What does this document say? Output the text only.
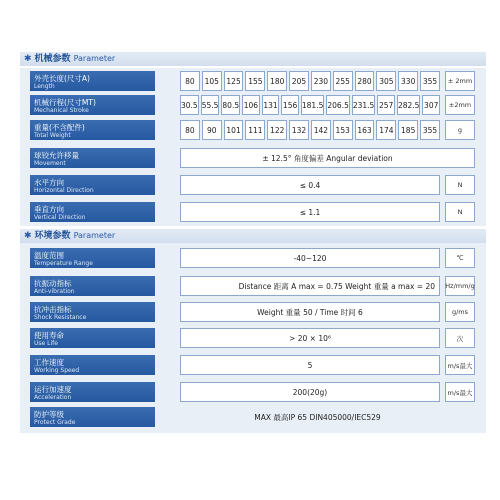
✱ 机械参数 Parameter
外壳长度(尺寸A)
Length
80	105	125	155	180	205	230	255	280	305	330	355	± 2mm
机械行程(尺寸MT)
Mechanical Stroke
30.5 55.5 80.5 106 131 156 181.5 206.5 231.5 257 282.5 307	±2mm
重量(不含配件)
Total Weight
80	90	101	111	122	132	142	153	163	174	185	355	g
球铰允许移量
Movement
± 12.5° 角度偏差 Angular deviation
水平方向
Horizontal Direction
≤ 0.4	N
垂直方向
Vertical Direction
≤ 1.1	N
✱ 环境参数 Parameter
温度范围
Temperature Range
-40~120	℃
抗振动指标
Anti-vibration
Distance 距离 A max = 0.75 Weight 重量 a max = 20	Hz/mm/g
抗冲击指标
Shock Resistance
Weight 重量 50 / Time 时间 6	g/ms
使用寿命
Use Life
> 20 × 10⁶	次
工作速度
Working Speed
5	m/s最大
运行加速度
Acceleration
200(20g)	m/s最大
防护等级
Protect Grade
MAX 最高IP 65 DIN405000/IEC529
